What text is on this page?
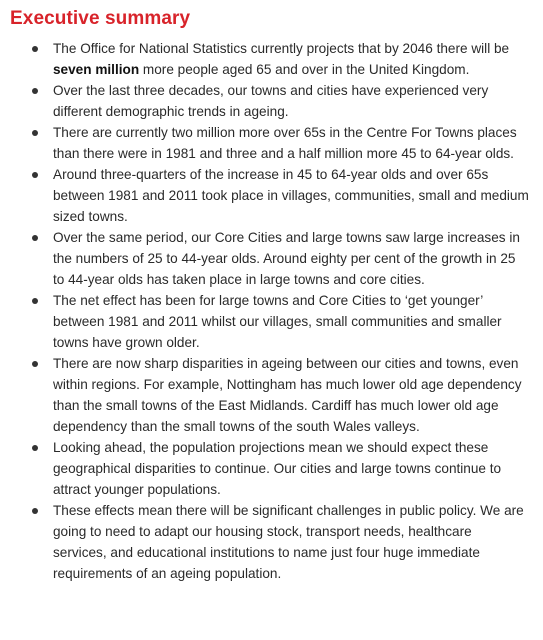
Executive summary
The Office for National Statistics currently projects that by 2046 there will be seven million more people aged 65 and over in the United Kingdom.
Over the last three decades, our towns and cities have experienced very different demographic trends in ageing.
There are currently two million more over 65s in the Centre For Towns places than there were in 1981 and three and a half million more 45 to 64-year olds.
Around three-quarters of the increase in 45 to 64-year olds and over 65s between 1981 and 2011 took place in villages, communities, small and medium sized towns.
Over the same period, our Core Cities and large towns saw large increases in the numbers of 25 to 44-year olds. Around eighty per cent of the growth in 25 to 44-year olds has taken place in large towns and core cities.
The net effect has been for large towns and Core Cities to ‘get younger’ between 1981 and 2011 whilst our villages, small communities and smaller towns have grown older.
There are now sharp disparities in ageing between our cities and towns, even within regions. For example, Nottingham has much lower old age dependency than the small towns of the East Midlands. Cardiff has much lower old age dependency than the small towns of the south Wales valleys.
Looking ahead, the population projections mean we should expect these geographical disparities to continue. Our cities and large towns continue to attract younger populations.
These effects mean there will be significant challenges in public policy. We are going to need to adapt our housing stock, transport needs, healthcare services, and educational institutions to name just four huge immediate requirements of an ageing population.
